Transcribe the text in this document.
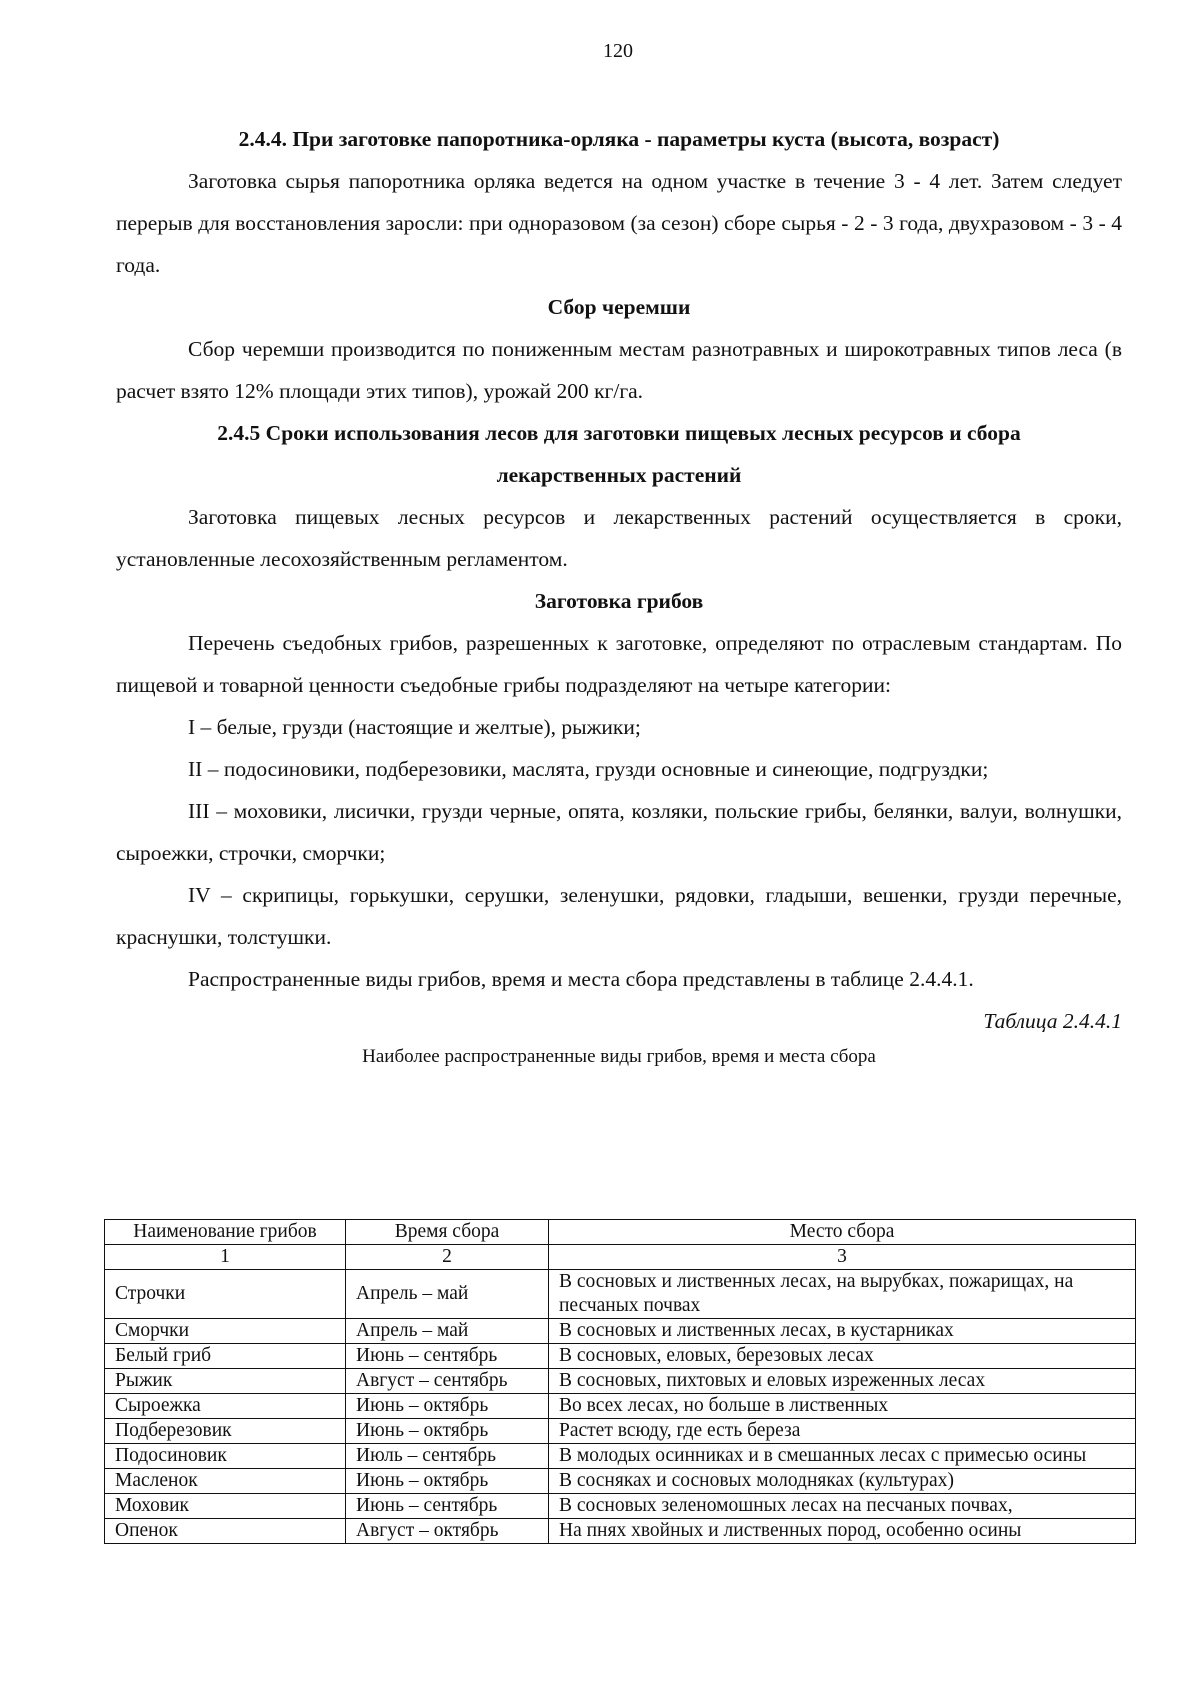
120
2.4.4. При заготовке папоротника-орляка - параметры куста (высота, возраст)

Заготовка сырья папоротника орляка ведется на одном участке в течение 3 - 4 лет. Затем следует перерыв для восстановления заросли: при одноразовом (за сезон) сборе сырья - 2 - 3 года, двухразовом - 3 - 4 года.

Сбор черемши

Сбор черемши производится по пониженным местам разнотравных и широкотравных типов леса (в расчет взято 12% площади этих типов), урожай 200 кг/га.

2.4.5 Сроки использования лесов для заготовки пищевых лесных ресурсов и сбора
лекарственных растений

Заготовка пищевых лесных ресурсов и лекарственных растений осуществляется в сроки, установленные лесохозяйственным регламентом.

Заготовка грибов

Перечень съедобных грибов, разрешенных к заготовке, определяют по отраслевым стандартам. По пищевой и товарной ценности съедобные грибы подразделяют на четыре категории:

I – белые, грузди (настоящие и желтые), рыжики;

II – подосиновики, подберезовики, маслята, грузди основные и синеющие, подгруздки;

III – моховики, лисички, грузди черные, опята, козляки, польские грибы, белянки, валуи, волнушки, сыроежки, строчки, сморчки;

IV – скрипицы, горькушки, серушки, зеленушки, рядовки, гладыши, вешенки, грузди перечные, краснушки, толстушки.

Распространенные виды грибов, время и места сбора представлены в таблице 2.4.4.1.

Таблица 2.4.4.1
Наиболее распространенные виды грибов, время и места сбора
Наименование грибов	Время сбора	Место сбора
1	2	3
Строчки	Апрель – май	В сосновых и лиственных лесах, на вырубках, пожарищах, на песчаных почвах
Сморчки	Апрель – май	В сосновых и лиственных лесах, в кустарниках
Белый гриб	Июнь – сентябрь	В сосновых, еловых, березовых лесах
Рыжик	Август – сентябрь	В сосновых, пихтовых и еловых изреженных лесах
Сыроежка	Июнь – октябрь	Во всех лесах, но больше в лиственных
Подберезовик	Июнь – октябрь	Растет всюду, где есть береза
Подосиновик	Июль – сентябрь	В молодых осинниках и в смешанных лесах с примесью осины
Масленок	Июнь – октябрь	В сосняках и сосновых молодняках (культурах)
Моховик	Июнь – сентябрь	В сосновых зеленомошных лесах на песчаных почвах,
Опенок	Август – октябрь	На пнях хвойных и лиственных пород, особенно осины
